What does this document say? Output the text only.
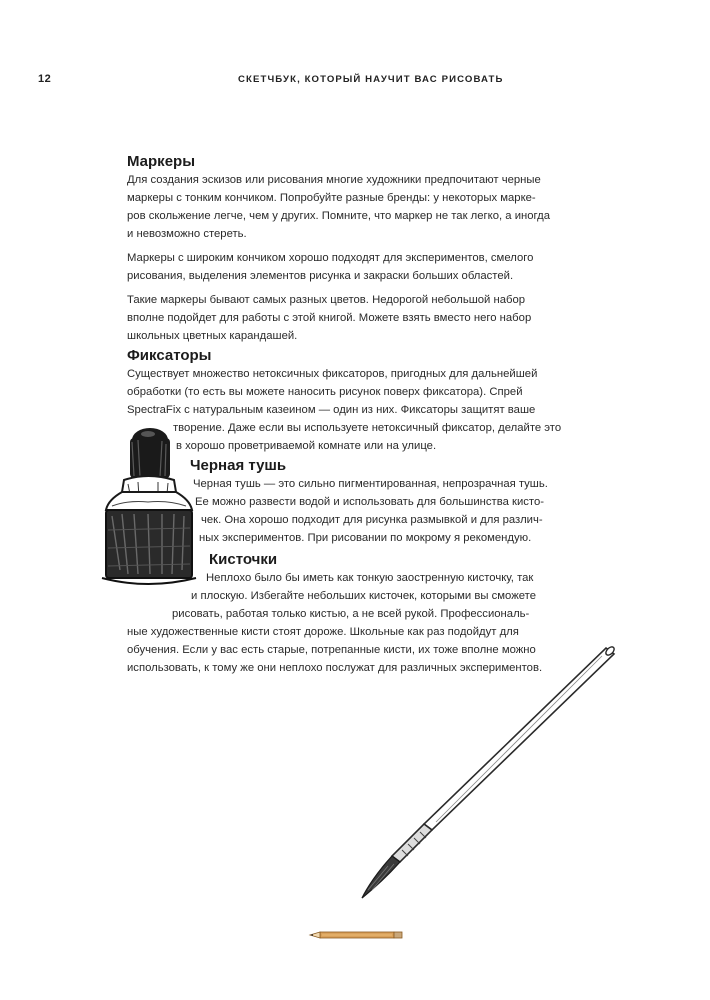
12	СКЕТЧБУК, КОТОРЫЙ НАУЧИТ ВАС РИСОВАТЬ
Маркеры
Для создания эскизов или рисования многие художники предпочитают черные
маркеры с тонким кончиком. Попробуйте разные бренды: у некоторых марке-
ров скольжение легче, чем у других. Помните, что маркер не так легко, а иногда
и невозможно стереть.
Маркеры с широким кончиком хорошо подходят для экспериментов, смелого
рисования, выделения элементов рисунка и закраски больших областей.
Такие маркеры бывают самых разных цветов. Недорогой небольшой набор
вполне подойдет для работы с этой книгой. Можете взять вместо него набор
школьных цветных карандашей.
Фиксаторы
Существует множество нетоксичных фиксаторов, пригодных для дальнейшей
обработки (то есть вы можете наносить рисунок поверх фиксатора). Спрей
SpectraFix с натуральным казеином — один из них. Фиксаторы защитят ваше
творение. Даже если вы используете нетоксичный фиксатор, делайте это
в хорошо проветриваемой комнате или на улице.
Черная тушь
Черная тушь — это сильно пигментированная, непрозрачная тушь.
Ее можно развести водой и использовать для большинства кисто-
чек. Она хорошо подходит для рисунка размывкой и для различ-
ных экспериментов. При рисовании по мокрому я рекомендую.
Кисточки
Неплохо было бы иметь как тонкую заостренную кисточку, так
и плоскую. Избегайте небольших кисточек, которыми вы сможете
рисовать, работая только кистью, а не всей рукой. Профессиональ-
ные художественные кисти стоят дороже. Школьные как раз подойдут для
обучения. Если у вас есть старые, потрепанные кисти, их тоже вполне можно
использовать, к тому же они неплохо послужат для различных экспериментов.
